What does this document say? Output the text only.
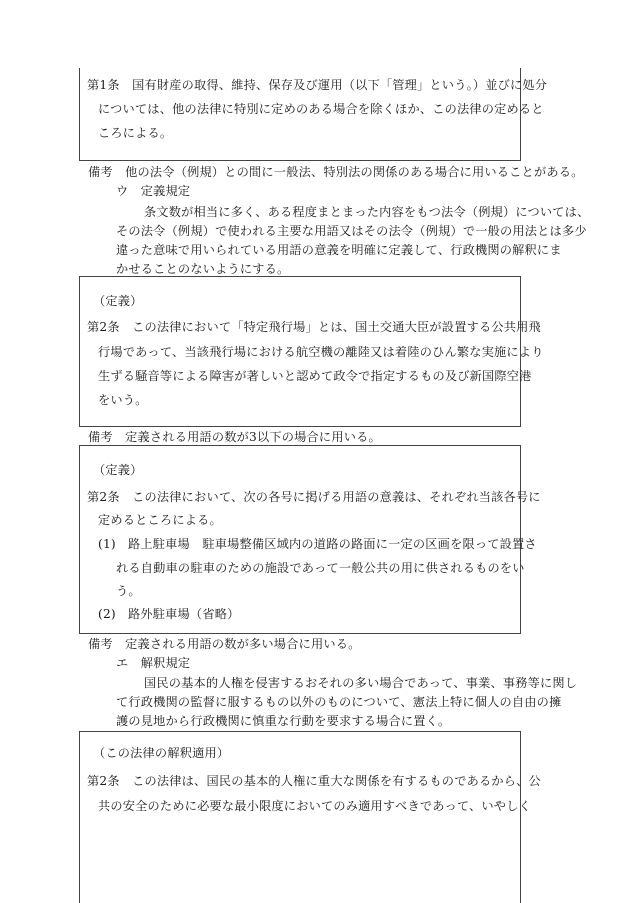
第1条　国有財産の取得、維持、保存及び運用（以下「管理」という。）並びに処分
については、他の法律に特別に定めのある場合を除くほか、この法律の定めると
ころによる。
備考　他の法令（例規）との間に一般法、特別法の関係のある場合に用いることがある。
ウ　定義規定
条文数が相当に多く、ある程度まとまった内容をもつ法令（例規）については、
その法令（例規）で使われる主要な用語又はその法令（例規）で一般の用法とは多少
違った意味で用いられている用語の意義を明確に定義して、行政機関の解釈にま
かせることのないようにする。
（定義）
第2条　この法律において「特定飛行場」とは、国土交通大臣が設置する公共用飛
行場であって、当該飛行場における航空機の離陸又は着陸のひん繁な実施により
生ずる騒音等による障害が著しいと認めて政令で指定するもの及び新国際空港
をいう。
備考　定義される用語の数が3以下の場合に用いる。
（定義）
第2条　この法律において、次の各号に掲げる用語の意義は、それぞれ当該各号に
定めるところによる。
(1) 路上駐車場　駐車場整備区域内の道路の路面に一定の区画を限って設置さ
れる自動車の駐車のための施設であって一般公共の用に供されるものをい
う。
(2) 路外駐車場（省略）
備考　定義される用語の数が多い場合に用いる。
エ　解釈規定
国民の基本的人権を侵害するおそれの多い場合であって、事業、事務等に関し
て行政機関の監督に服するもの以外のものについて、憲法上特に個人の自由の擁
護の見地から行政機関に慎重な行動を要求する場合に置く。
（この法律の解釈適用）
第2条　この法律は、国民の基本的人権に重大な関係を有するものであるから、公
共の安全のために必要な最小限度においてのみ適用すべきであって、いやしく
